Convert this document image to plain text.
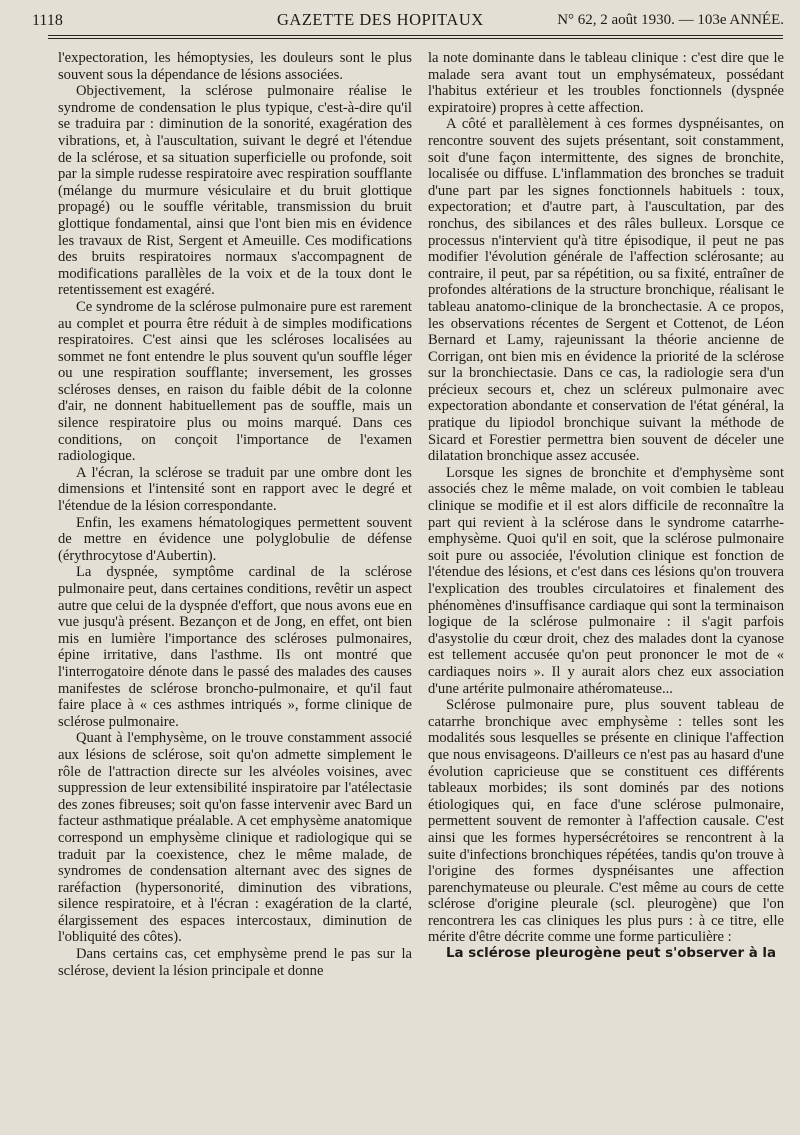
1118	GAZETTE DES HOPITAUX	N° 62, 2 août 1930. — 103e ANNÉE.

l'expectoration, les hémoptysies, les douleurs sont le plus souvent sous la dépendance de lésions associées.

Objectivement, la sclérose pulmonaire réalise le syndrome de condensation le plus typique, c'est-à-dire qu'il se traduira par : diminution de la sonorité, exagération des vibrations, et, à l'auscultation, suivant le degré et l'étendue de la sclérose, et sa situation superficielle ou profonde, soit par la simple rudesse respiratoire avec respiration soufflante (mélange du murmure vésiculaire et du bruit glottique propagé) ou le souffle véritable, transmission du bruit glottique fondamental, ainsi que l'ont bien mis en évidence les travaux de Rist, Sergent et Ameuille. Ces modifications des bruits respiratoires normaux s'accompagnent de modifications parallèles de la voix et de la toux dont le retentissement est exagéré.

Ce syndrome de la sclérose pulmonaire pure est rarement au complet et pourra être réduit à de simples modifications respiratoires. C'est ainsi que les scléroses localisées au sommet ne font entendre le plus souvent qu'un souffle léger ou une respiration soufflante; inversement, les grosses scléroses denses, en raison du faible débit de la colonne d'air, ne donnent habituellement pas de souffle, mais un silence respiratoire plus ou moins marqué. Dans ces conditions, on conçoit l'importance de l'examen radiologique.

A l'écran, la sclérose se traduit par une ombre dont les dimensions et l'intensité sont en rapport avec le degré et l'étendue de la lésion correspondante.

Enfin, les examens hématologiques permettent souvent de mettre en évidence une polyglobulie de défense (érythrocytose d'Aubertin).

La dyspnée, symptôme cardinal de la sclérose pulmonaire peut, dans certaines conditions, revêtir un aspect autre que celui de la dyspnée d'effort, que nous avons eue en vue jusqu'à présent. Bezançon et de Jong, en effet, ont bien mis en lumière l'importance des scléroses pulmonaires, épine irritative, dans l'asthme. Ils ont montré que l'interrogatoire dénote dans le passé des malades des causes manifestes de sclérose broncho-pulmonaire, et qu'il faut faire place à « ces asthmes intriqués », forme clinique de sclérose pulmonaire.

Quant à l'emphysème, on le trouve constamment associé aux lésions de sclérose, soit qu'on admette simplement le rôle de l'attraction directe sur les alvéoles voisines, avec suppression de leur extensibilité inspiratoire par l'atélectasie des zones fibreuses; soit qu'on fasse intervenir avec Bard un facteur asthmatique préalable. A cet emphysème anatomique correspond un emphysème clinique et radiologique qui se traduit par la coexistence, chez le même malade, de syndromes de condensation alternant avec des signes de raréfaction (hypersonorité, diminution des vibrations, silence respiratoire, et à l'écran : exagération de la clarté, élargissement des espaces intercostaux, diminution de l'obliquité des côtes).

Dans certains cas, cet emphysème prend le pas sur la sclérose, devient la lésion principale et donne

la note dominante dans le tableau clinique : c'est dire que le malade sera avant tout un emphysémateux, possédant l'habitus extérieur et les troubles fonctionnels (dyspnée expiratoire) propres à cette affection.

A côté et parallèlement à ces formes dyspnéisantes, on rencontre souvent des sujets présentant, soit constamment, soit d'une façon intermittente, des signes de bronchite, localisée ou diffuse. L'inflammation des bronches se traduit d'une part par les signes fonctionnels habituels : toux, expectoration; et d'autre part, à l'auscultation, par des ronchus, des sibilances et des râles bulleux. Lorsque ce processus n'intervient qu'à titre épisodique, il peut ne pas modifier l'évolution générale de l'affection sclérosante; au contraire, il peut, par sa répétition, ou sa fixité, entraîner de profondes altérations de la structure bronchique, réalisant le tableau anatomo-clinique de la bronchectasie. A ce propos, les observations récentes de Sergent et Cottenot, de Léon Bernard et Lamy, rajeunissant la théorie ancienne de Corrigan, ont bien mis en évidence la priorité de la sclérose sur la bronchiectasie. Dans ce cas, la radiologie sera d'un précieux secours et, chez un scléreux pulmonaire avec expectoration abondante et conservation de l'état général, la pratique du lipiodol bronchique suivant la méthode de Sicard et Forestier permettra bien souvent de déceler une dilatation bronchique assez accusée.

Lorsque les signes de bronchite et d'emphysème sont associés chez le même malade, on voit combien le tableau clinique se modifie et il est alors difficile de reconnaître la part qui revient à la sclérose dans le syndrome catarrhe-emphysème. Quoi qu'il en soit, que la sclérose pulmonaire soit pure ou associée, l'évolution clinique est fonction de l'étendue des lésions, et c'est dans ces lésions qu'on trouvera l'explication des troubles circulatoires et finalement des phénomènes d'insuffisance cardiaque qui sont la terminaison logique de la sclérose pulmonaire : il s'agit parfois d'asystolie du cœur droit, chez des malades dont la cyanose est tellement accusée qu'on peut prononcer le mot de « cardiaques noirs ». Il y aurait alors chez eux association d'une artérite pulmonaire athéromateuse...

Sclérose pulmonaire pure, plus souvent tableau de catarrhe bronchique avec emphysème : telles sont les modalités sous lesquelles se présente en clinique l'affection que nous envisageons. D'ailleurs ce n'est pas au hasard d'une évolution capricieuse que se constituent ces différents tableaux morbides; ils sont dominés par des notions étiologiques qui, en face d'une sclérose pulmonaire, permettent souvent de remonter à l'affection causale. C'est ainsi que les formes hypersécrétoires se rencontrent à la suite d'infections bronchiques répétées, tandis qu'on trouve à l'origine des formes dyspnéisantes une affection parenchymateuse ou pleurale. C'est même au cours de cette sclérose d'origine pleurale (scl. pleurogène) que l'on rencontrera les cas cliniques les plus purs : à ce titre, elle mérite d'être décrite comme une forme particulière :

La sclérose pleurogène peut s'observer à la
